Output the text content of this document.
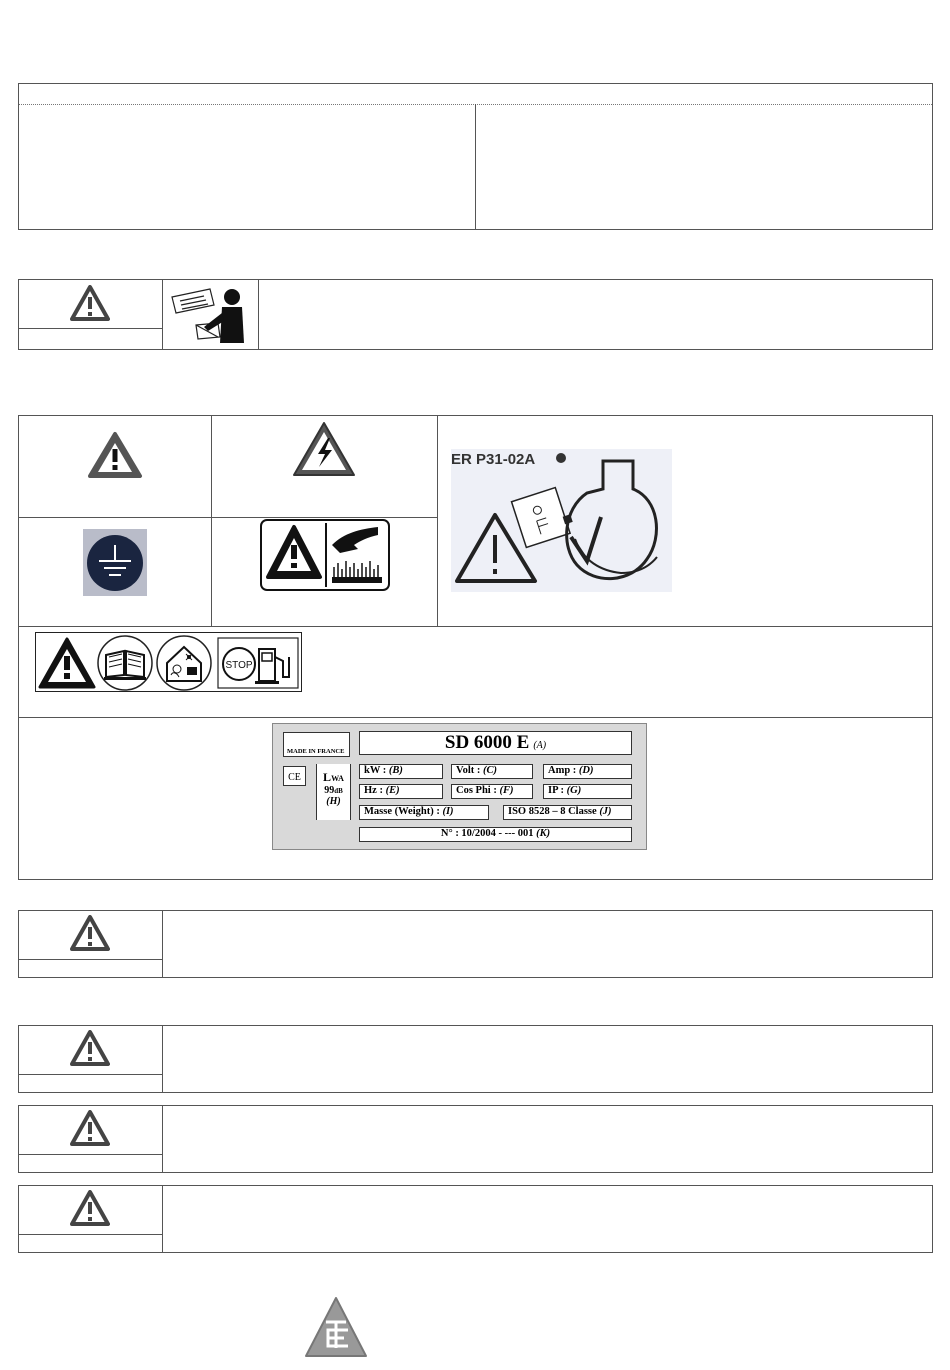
ER P31-02A
STOP
MADE IN FRANCE
CE	LWA
99dB
(H)
SD 6000 E (A)
kW : (B)	Volt : (C)	Amp : (D)
Hz : (E)	Cos Phi : (F)	IP : (G)
Masse (Weight) : (I)	ISO 8528 – 8 Classe (J)
N° : 10/2004 - --- 001 (K)
